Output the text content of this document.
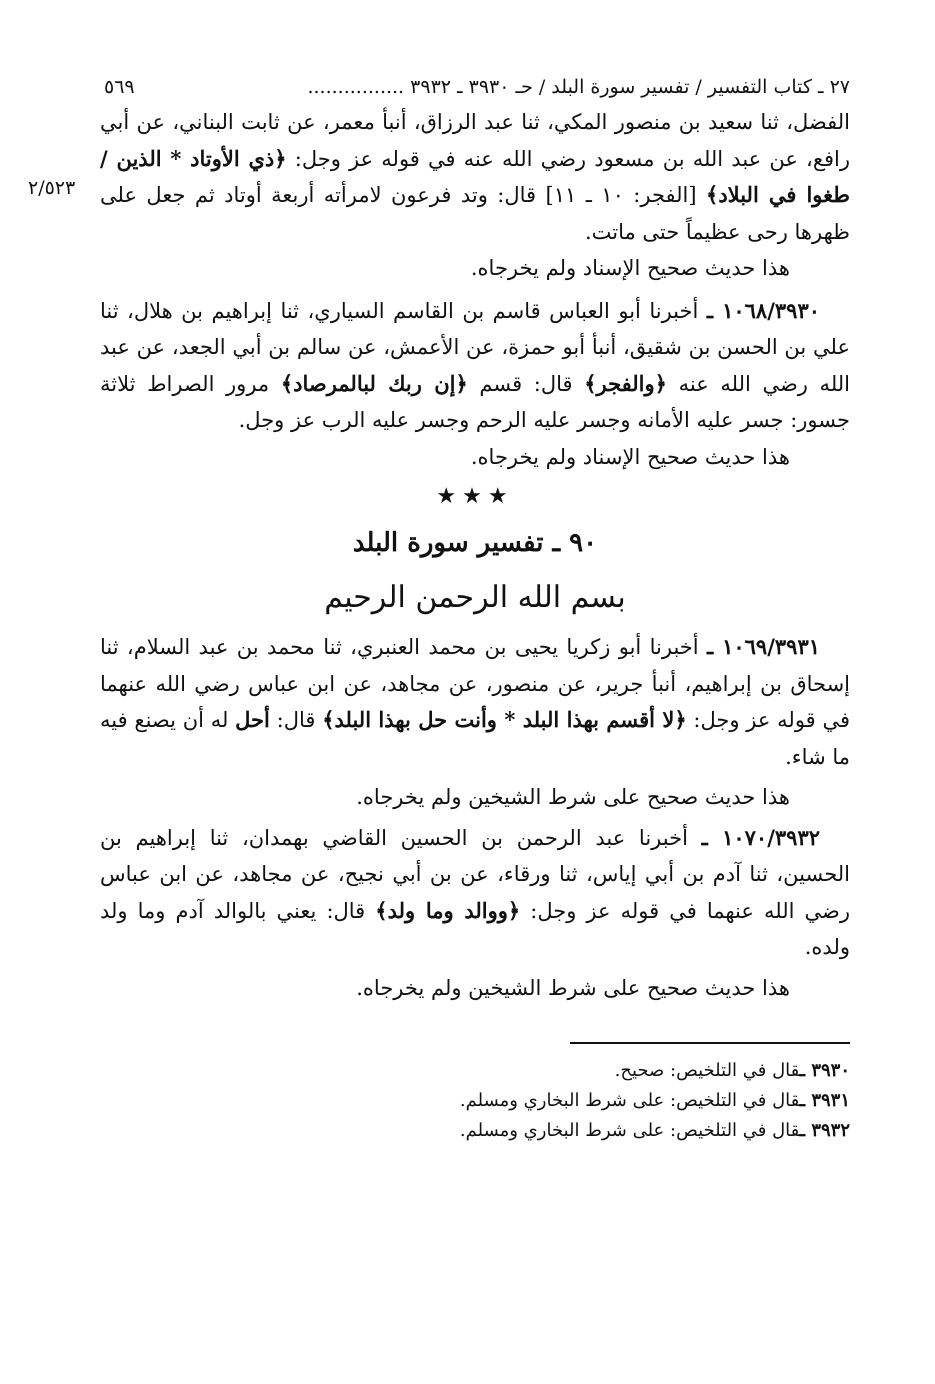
٢٧ ـ كتاب التفسير / تفسير سورة البلد / حـ ٣٩٣٠ ـ ٣٩٣٢ ................
٥٦٩
٢/٥٢٣

الفضل، ثنا سعيد بن منصور المكي، ثنا عبد الرزاق، أنبأ معمر، عن ثابت البناني، عن أبي رافع، عن عبد الله بن مسعود رضي الله عنه في قوله عز وجل: ﴿ذي الأوتاد * الذين / طغوا في البلاد﴾ [الفجر: ١٠ ـ ١١] قال: وتد فرعون لامرأته أربعة أوتاد ثم جعل على ظهرها رحى عظيماً حتى ماتت.

هذا حديث صحيح الإسناد ولم يخرجاه.

١٠٦٨/٣٩٣٠ ـ أخبرنا أبو العباس قاسم بن القاسم السياري، ثنا إبراهيم بن هلال، ثنا علي بن الحسن بن شقيق، أنبأ أبو حمزة، عن الأعمش، عن سالم بن أبي الجعد، عن عبد الله رضي الله عنه ﴿والفجر﴾ قال: قسم ﴿إن ربك لبالمرصاد﴾ مرور الصراط ثلاثة جسور: جسر عليه الأمانه وجسر عليه الرحم وجسر عليه الرب عز وجل.

هذا حديث صحيح الإسناد ولم يخرجاه.

★★★
٩٠ ـ تفسير سورة البلد
بسم الله الرحمن الرحيم

١٠٦٩/٣٩٣١ ـ أخبرنا أبو زكريا يحيى بن محمد العنبري، ثنا محمد بن عبد السلام، ثنا إسحاق بن إبراهيم، أنبأ جرير، عن منصور، عن مجاهد، عن ابن عباس رضي الله عنهما في قوله عز وجل: ﴿لا أقسم بهذا البلد * وأنت حل بهذا البلد﴾ قال: أحل له أن يصنع فيه ما شاء.

هذا حديث صحيح على شرط الشيخين ولم يخرجاه.

١٠٧٠/٣٩٣٢ ـ أخبرنا عبد الرحمن بن الحسين القاضي بهمدان، ثنا إبراهيم بن الحسين، ثنا آدم بن أبي إياس، ثنا ورقاء، عن بن أبي نجيح، عن مجاهد، عن ابن عباس رضي الله عنهما في قوله عز وجل: ﴿ووالد وما ولد﴾ قال: يعني بالوالد آدم وما ولد ولده.

هذا حديث صحيح على شرط الشيخين ولم يخرجاه.

٣٩٣٠ ـقال في التلخيص: صحيح.
٣٩٣١ ـقال في التلخيص: على شرط البخاري ومسلم.
٣٩٣٢ ـقال في التلخيص: على شرط البخاري ومسلم.
